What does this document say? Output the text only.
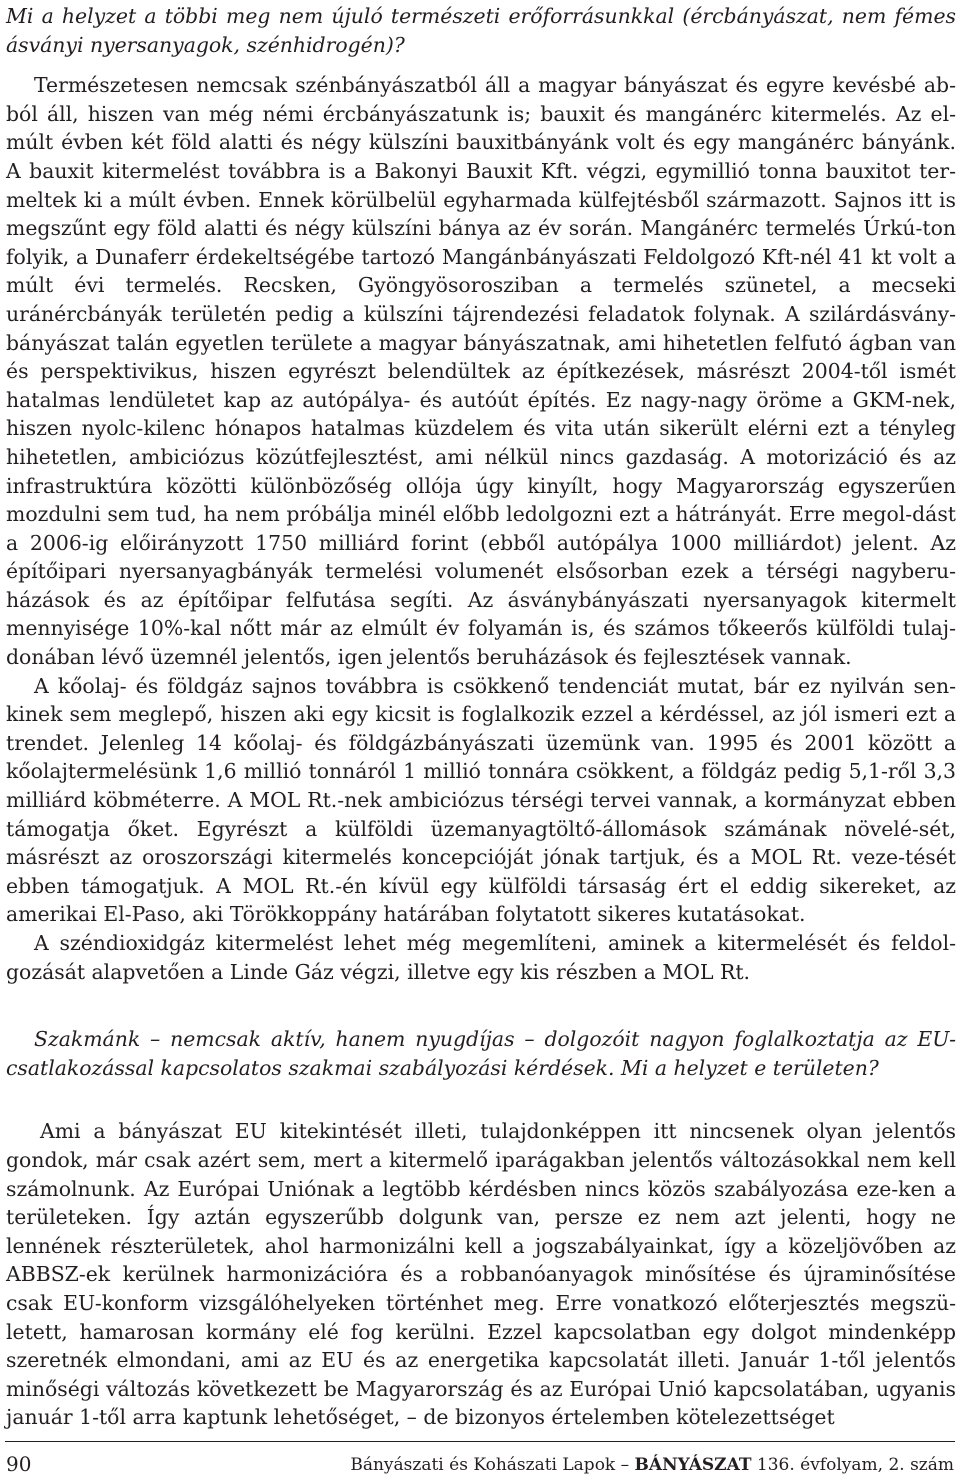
Mi a helyzet a többi meg nem újuló természeti erőforrásunkkal (ércbányászat, nem fémes ásványi nyersanyagok, szénhidrogén)?

Természetesen nemcsak szénbányászatból áll a magyar bányászat és egyre kevésbé ab-ból áll, hiszen van még némi ércbányászatunk is; bauxit és mangánérc kitermelés. Az el-múlt évben két föld alatti és négy külszíni bauxitbányánk volt és egy mangánérc bányánk. A bauxit kitermelést továbbra is a Bakonyi Bauxit Kft. végzi, egymillió tonna bauxitot ter-meltek ki a múlt évben. Ennek körülbelül egyharmada külfejtésből származott. Sajnos itt is megszűnt egy föld alatti és négy külszíni bánya az év során. Mangánérc termelés Úrkú-ton folyik, a Dunaferr érdekeltségébe tartozó Mangánbányászati Feldolgozó Kft-nél 41 kt volt a múlt évi termelés. Recsken, Gyöngyösorosziban a termelés szünetel, a mecseki uránércbányák területén pedig a külszíni tájrendezési feladatok folynak. A szilárdásvány-bányászat talán egyetlen területe a magyar bányászatnak, ami hihetetlen felfutó ágban van és perspektivikus, hiszen egyrészt belendültek az építkezések, másrészt 2004-től ismét hatalmas lendületet kap az autópálya- és autóút építés. Ez nagy-nagy öröme a GKM-nek, hiszen nyolc-kilenc hónapos hatalmas küzdelem és vita után sikerült elérni ezt a tényleg hihetetlen, ambiciózus közútfejlesztést, ami nélkül nincs gazdaság. A motorizáció és az infrastruktúra közötti különbözőség ollója úgy kinyílt, hogy Magyarország egyszerűen mozdulni sem tud, ha nem próbálja minél előbb ledolgozni ezt a hátrányát. Erre megol-dást a 2006-ig előirányzott 1750 milliárd forint (ebből autópálya 1000 milliárdot) jelent. Az építőipari nyersanyagbányák termelési volumenét elsősorban ezek a térségi nagyberu-házások és az építőipar felfutása segíti. Az ásványbányászati nyersanyagok kitermelt mennyisége 10%-kal nőtt már az elmúlt év folyamán is, és számos tőkeerős külföldi tulaj-donában lévő üzemnél jelentős, igen jelentős beruházások és fejlesztések vannak.

A kőolaj- és földgáz sajnos továbbra is csökkenő tendenciát mutat, bár ez nyilván sen-kinek sem meglepő, hiszen aki egy kicsit is foglalkozik ezzel a kérdéssel, az jól ismeri ezt a trendet. Jelenleg 14 kőolaj- és földgázbányászati üzemünk van. 1995 és 2001 között a kőolajtermelésünk 1,6 millió tonnáról 1 millió tonnára csökkent, a földgáz pedig 5,1-ről 3,3 milliárd köbméterre. A MOL Rt.-nek ambiciózus térségi tervei vannak, a kormányzat ebben támogatja őket. Egyrészt a külföldi üzemanyagtöltő-állomások számának növelé-sét, másrészt az oroszországi kitermelés koncepcióját jónak tartjuk, és a MOL Rt. veze-tését ebben támogatjuk. A MOL Rt.-én kívül egy külföldi társaság ért el eddig sikereket, az amerikai El-Paso, aki Törökkoppány határában folytatott sikeres kutatásokat.

A széndioxidgáz kitermelést lehet még megemlíteni, aminek a kitermelését és feldol-gozását alapvetően a Linde Gáz végzi, illetve egy kis részben a MOL Rt.

Szakmánk – nemcsak aktív, hanem nyugdíjas – dolgozóit nagyon foglalkoztatja az EU-csatlakozással kapcsolatos szakmai szabályozási kérdések. Mi a helyzet e területen?

Ami a bányászat EU kitekintését illeti, tulajdonképpen itt nincsenek olyan jelentős gondok, már csak azért sem, mert a kitermelő iparágakban jelentős változásokkal nem kell számolnunk. Az Európai Uniónak a legtöbb kérdésben nincs közös szabályozása eze-ken a területeken. Így aztán egyszerűbb dolgunk van, persze ez nem azt jelenti, hogy ne lennének részterületek, ahol harmonizálni kell a jogszabályainkat, így a közeljövőben az ABBSZ-ek kerülnek harmonizációra és a robbanóanyagok minősítése és újraminősítése csak EU-konform vizsgálóhelyeken történhet meg. Erre vonatkozó előterjesztés megszü-letett, hamarosan kormány elé fog kerülni. Ezzel kapcsolatban egy dolgot mindenképp szeretnék elmondani, ami az EU és az energetika kapcsolatát illeti. Január 1-től jelentős minőségi változás következett be Magyarország és az Európai Unió kapcsolatában, ugyanis január 1-től arra kaptunk lehetőséget, – de bizonyos értelemben kötelezettséget

90	Bányászati és Kohászati Lapok – BÁNYÁSZAT 136. évfolyam, 2. szám
